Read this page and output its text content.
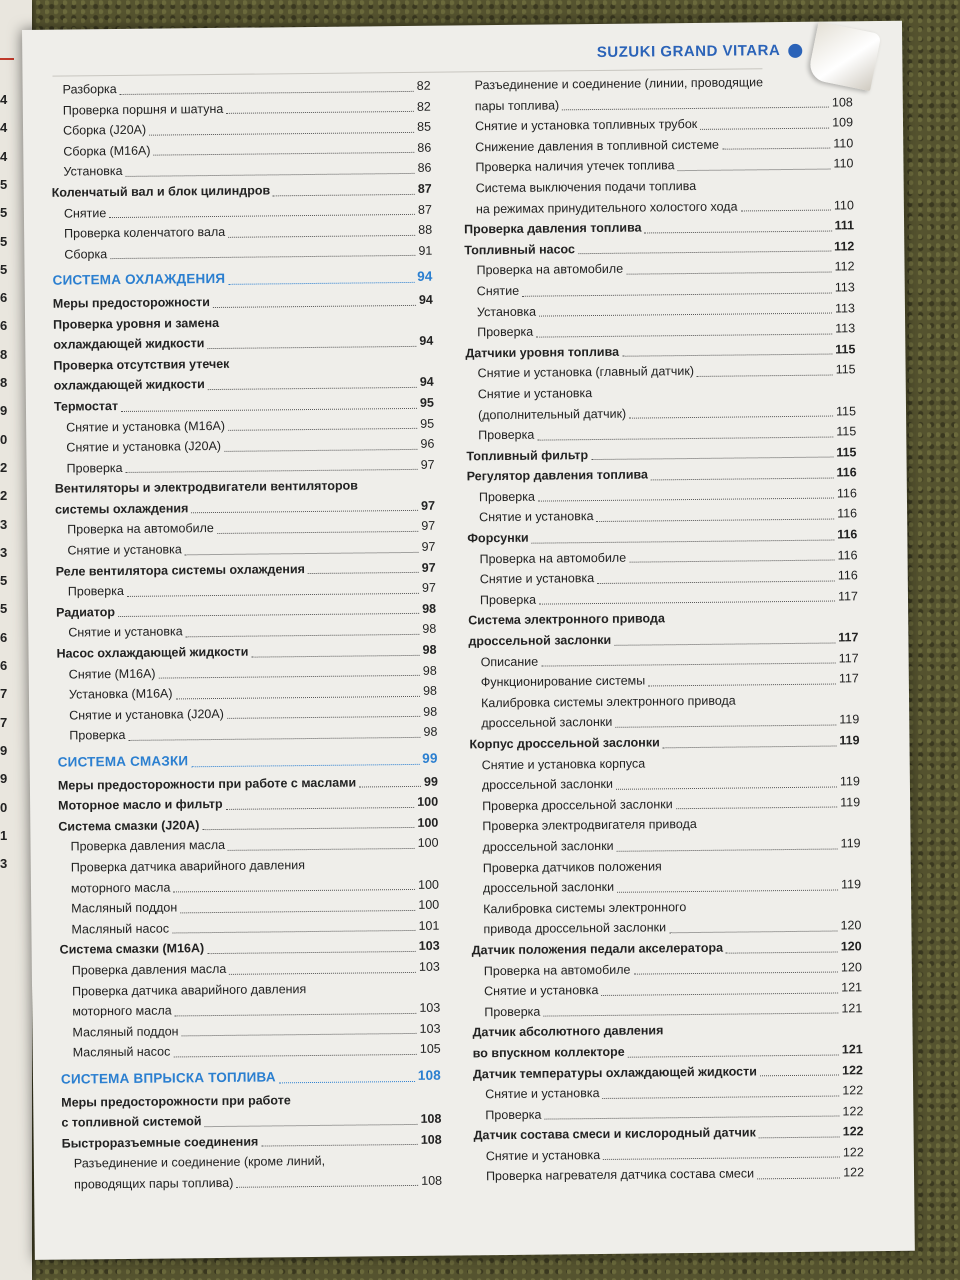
4
4
4
5
5
5
5
6
6
8
8
9
0
2
2
3
3
5
5
6
6
7
7
9
9
0
1
3
SUZUKI GRAND VITARA
Разборка	82
Проверка поршня и шатуна	82
Сборка (J20A)	85
Сборка (M16A)	86
Установка	86
Коленчатый вал и блок цилиндров	87
Снятие	87
Проверка коленчатого вала	88
Сборка	91
СИСТЕМА ОХЛАЖДЕНИЯ	94
Меры предосторожности	94
Проверка уровня и замена
охлаждающей жидкости	94
Проверка отсутствия утечек
охлаждающей жидкости	94
Термостат	95
Снятие и установка (M16A)	95
Снятие и установка (J20A)	96
Проверка	97
Вентиляторы и электродвигатели вентиляторов
системы охлаждения	97
Проверка на автомобиле	97
Снятие и установка	97
Реле вентилятора системы охлаждения	97
Проверка	97
Радиатор	98
Снятие и установка	98
Насос охлаждающей жидкости	98
Снятие (M16A)	98
Установка (M16A)	98
Снятие и установка (J20A)	98
Проверка	98
СИСТЕМА СМАЗКИ	99
Меры предосторожности при работе с маслами	99
Моторное масло и фильтр	100
Система смазки (J20A)	100
Проверка давления масла	100
Проверка датчика аварийного давления
моторного масла	100
Масляный поддон	100
Масляный насос	101
Система смазки (M16A)	103
Проверка давления масла	103
Проверка датчика аварийного давления
моторного масла	103
Масляный поддон	103
Масляный насос	105
СИСТЕМА ВПРЫСКА ТОПЛИВА	108
Меры предосторожности при работе
с топливной системой	108
Быстроразъемные соединения	108
Разъединение и соединение (кроме линий,
проводящих пары топлива)	108
Разъединение и соединение (линии, проводящие
пары топлива)	108
Снятие и установка топливных трубок	109
Снижение давления в топливной системе	110
Проверка наличия утечек топлива	110
Система выключения подачи топлива
на режимах принудительного холостого хода	110
Проверка давления топлива	111
Топливный насос	112
Проверка на автомобиле	112
Снятие	113
Установка	113
Проверка	113
Датчики уровня топлива	115
Снятие и установка (главный датчик)	115
Снятие и установка
(дополнительный датчик)	115
Проверка	115
Топливный фильтр	115
Регулятор давления топлива	116
Проверка	116
Снятие и установка	116
Форсунки	116
Проверка на автомобиле	116
Снятие и установка	116
Проверка	117
Система электронного привода
дроссельной заслонки	117
Описание	117
Функционирование системы	117
Калибровка системы электронного привода
дроссельной заслонки	119
Корпус дроссельной заслонки	119
Снятие и установка корпуса
дроссельной заслонки	119
Проверка дроссельной заслонки	119
Проверка электродвигателя привода
дроссельной заслонки	119
Проверка датчиков положения
дроссельной заслонки	119
Калибровка системы электронного
привода дроссельной заслонки	120
Датчик положения педали акселератора	120
Проверка на автомобиле	120
Снятие и установка	121
Проверка	121
Датчик абсолютного давления
во впускном коллекторе	121
Датчик температуры охлаждающей жидкости	122
Снятие и установка	122
Проверка	122
Датчик состава смеси и кислородный датчик	122
Снятие и установка	122
Проверка нагревателя датчика состава смеси	122
